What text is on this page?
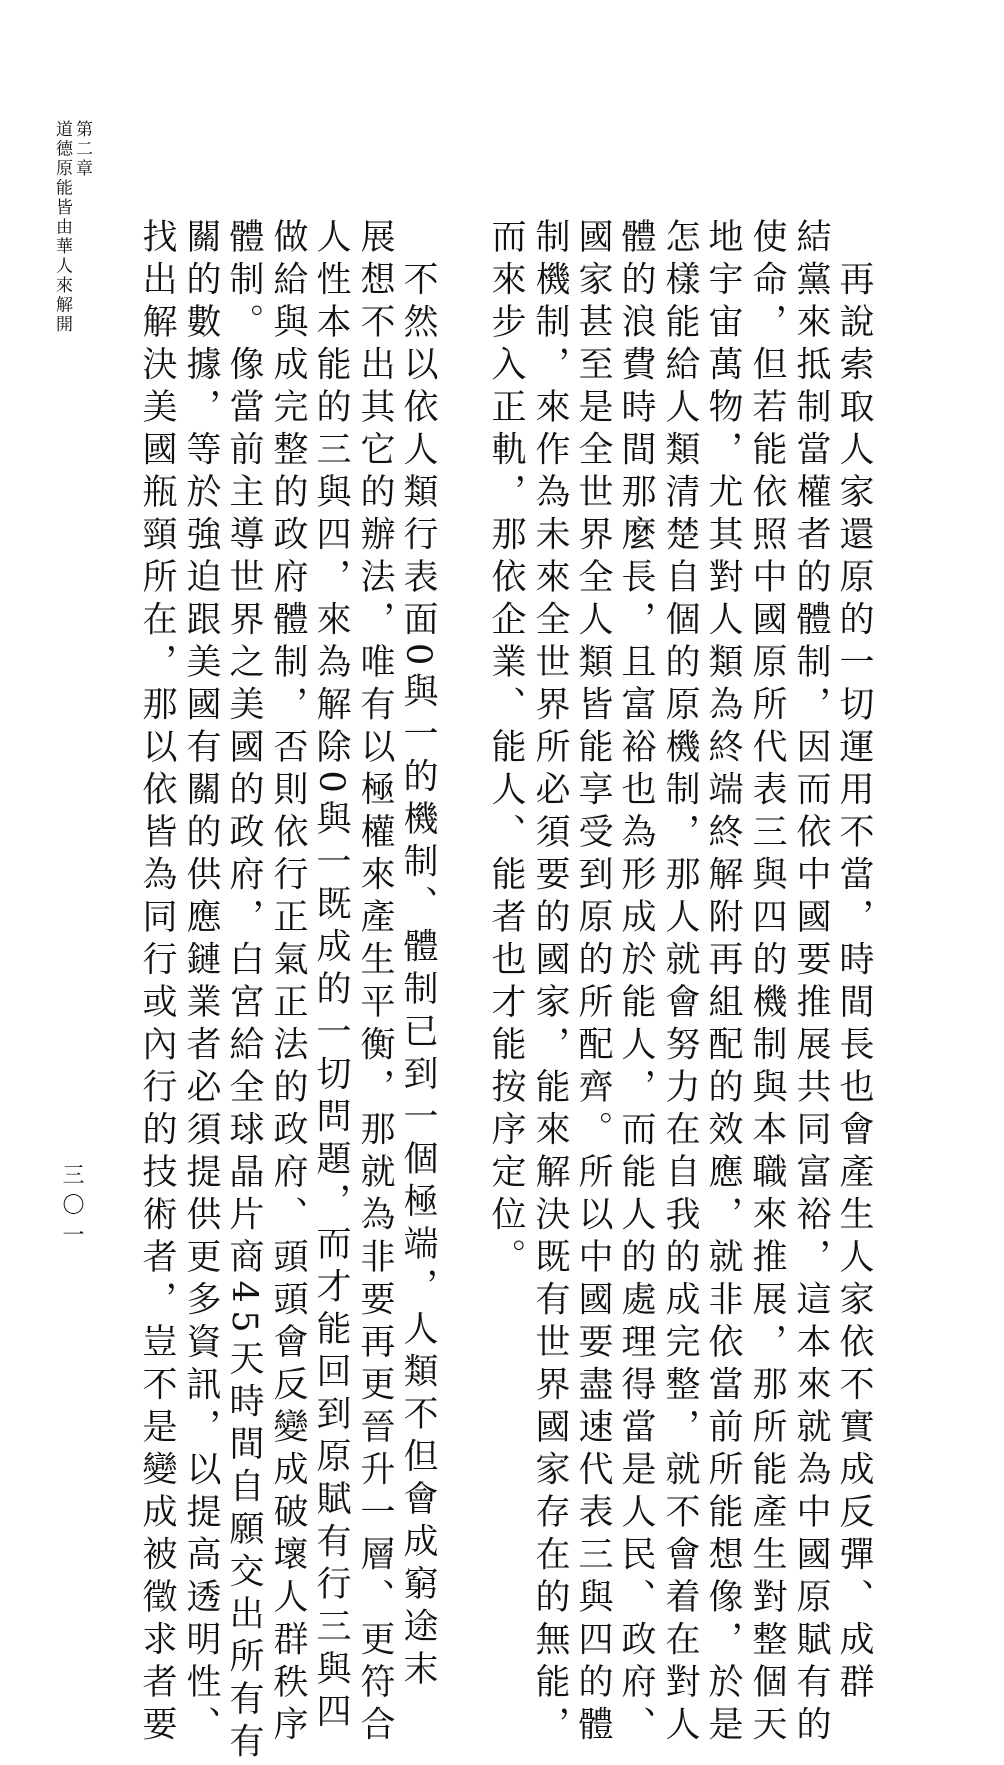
第二章
道德原能皆由華人來解開
三〇一	　再說索取人家還原的一切運用不當，時間長也會產生人家依不實成反彈、成群
結黨來抵制當權者的體制，因而依中國要推展共同富裕，這本來就為中國原賦有的
使命，但若能依照中國原所代表三與四的機制與本職來推展，那所能產生對整個天
地宇宙萬物，尤其對人類為終端終解附再組配的效應，就非依當前所能想像，於是
怎樣能給人類清楚自個的原機制，那人就會努力在自我的成完整，就不會着在對人
體的浪費時間那麼長，且富裕也為形成於能人，而能人的處理得當是人民、政府、
國家甚至是全世界全人類皆能享受到原的所配齊。所以中國要盡速代表三與四的體
制機制，來作為未來全世界所必須要的國家，能來解決既有世界國家存在的無能，
而來步入正軌，那依企業、能人、能者也才能按序定位。
　不然以依人類行表面0與一的機制、體制已到一個極端，人類不但會成窮途末
展想不出其它的辦法，唯有以極權來產生平衡，那就為非要再更晉升一層、更符合
人性本能的三與四，來為解除0與一既成的一切問題，而才能回到原賦有行三與四
做給與成完整的政府體制，否則依行正氣正法的政府、頭頭會反變成破壞人群秩序
體制。像當前主導世界之美國的政府，白宮給全球晶片商45天時間自願交出所有有
關的數據，等於強迫跟美國有關的供應鏈業者必須提供更多資訊，以提高透明性、
找出解決美國瓶頸所在，那以依皆為同行或內行的技術者，豈不是變成被徵求者要
